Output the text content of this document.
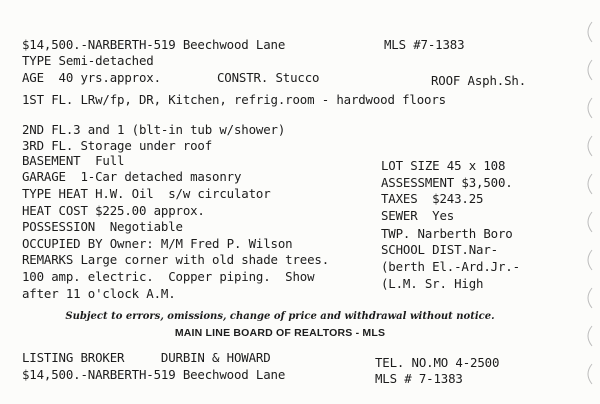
$14,500.-NARBERTH-519 Beechwood Lane	MLS #7-1383
TYPE Semi-detached
AGE  40 yrs.approx.	CONSTR. Stucco	ROOF Asph.Sh.
1ST FL. LRw/fp, DR, Kitchen, refrig.room - hardwood floors
2ND FL.3 and 1 (blt-in tub w/shower)
3RD FL. Storage under roof
BASEMENT  Full
GARAGE  1-Car detached masonry
TYPE HEAT H.W. Oil  s/w circulator
HEAT COST $225.00 approx.
POSSESSION  Negotiable
OCCUPIED BY Owner: M/M Fred P. Wilson
REMARKS Large corner with old shade trees.
100 amp. electric.  Copper piping.  Show
after 11 o'clock A.M.
LOT SIZE 45 x 108
ASSESSMENT $3,500.
TAXES  $243.25
SEWER  Yes
TWP. Narberth Boro
SCHOOL DIST.Nar-
(berth El.-Ard.Jr.-
(L.M. Sr. High
Subject to errors, omissions, change of price and withdrawal without notice.
MAIN LINE BOARD OF REALTORS - MLS
LISTING BROKER     DURBIN & HOWARD	TEL. NO.MO 4-2500
$14,500.-NARBERTH-519 Beechwood Lane	MLS # 7-1383
